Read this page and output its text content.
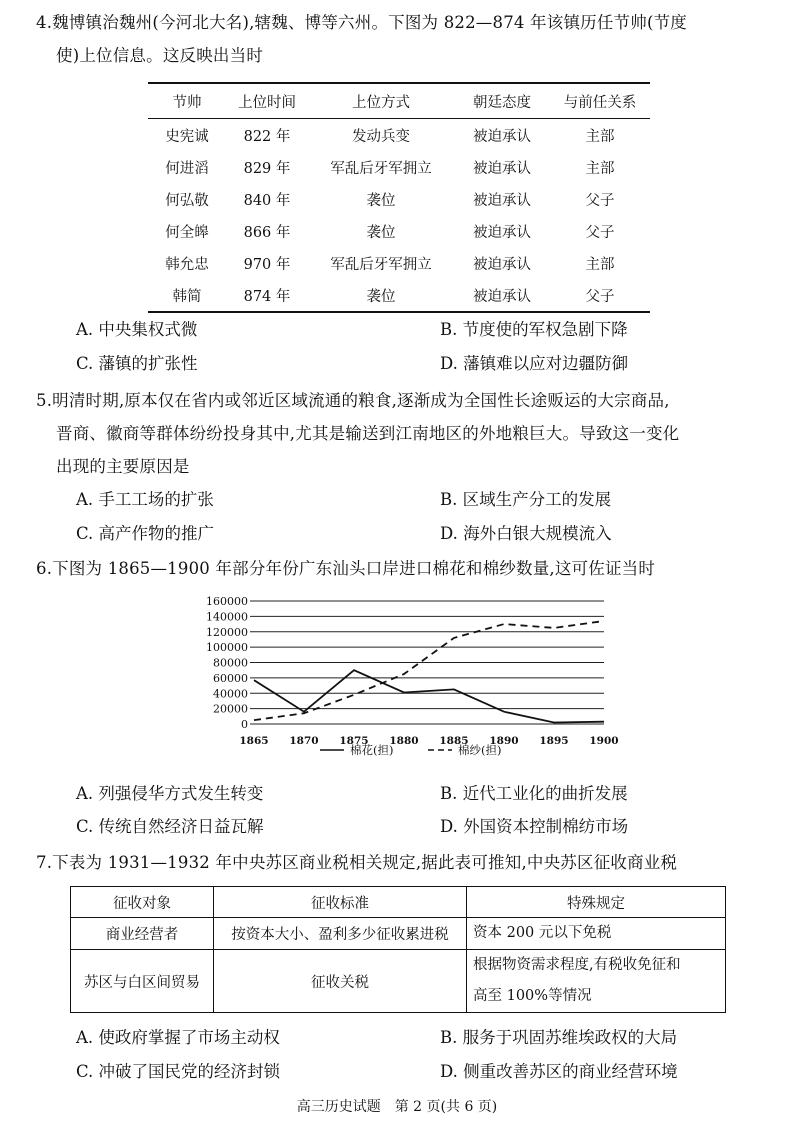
4.魏博镇治魏州(今河北大名),辖魏、博等六州。下图为 822—874 年该镇历任节帅(节度

使)上位信息。这反映出当时
节帅	上位时间	上位方式	朝廷态度	与前任关系
史宪诚	822 年	发动兵变	被迫承认	主部
何进滔	829 年	军乱后牙军拥立	被迫承认	主部
何弘敬	840 年	袭位	被迫承认	父子
何全皞	866 年	袭位	被迫承认	父子
韩允忠	970 年	军乱后牙军拥立	被迫承认	主部
韩简	874 年	袭位	被迫承认	父子
A. 中央集权式微	B. 节度使的军权急剧下降
C. 藩镇的扩张性	D. 藩镇难以应对边疆防御
5.明清时期,原本仅在省内或邻近区域流通的粮食,逐渐成为全国性长途贩运的大宗商品,

晋商、徽商等群体纷纷投身其中,尤其是输送到江南地区的外地粮巨大。导致这一变化
出现的主要原因是
A. 手工工场的扩张	B. 区域生产分工的发展
C. 高产作物的推广	D. 海外白银大规模流入
6.下图为 1865—1900 年部分年份广东汕头口岸进口棉花和棉纱数量,这可佐证当时
160000
140000
120000
100000
80000
60000
40000
20000
0
1865 1870 1875 1880 1885 1890 1895 1900
棉花(担)	棉纱(担)
A. 列强侵华方式发生转变	B. 近代工业化的曲折发展
C. 传统自然经济日益瓦解	D. 外国资本控制棉纺市场
7.下表为 1931—1932 年中央苏区商业税相关规定,据此表可推知,中央苏区征收商业税
征收对象	征收标准	特殊规定
商业经营者	按资本大小、盈利多少征收累进税	资本 200 元以下免税
苏区与白区间贸易	征收关税	根据物资需求程度,有税收免征和
高至 100%等情况
A. 使政府掌握了市场主动权	B. 服务于巩固苏维埃政权的大局
C. 冲破了国民党的经济封锁	D. 侧重改善苏区的商业经营环境
高三历史试题　第 2 页(共 6 页)
